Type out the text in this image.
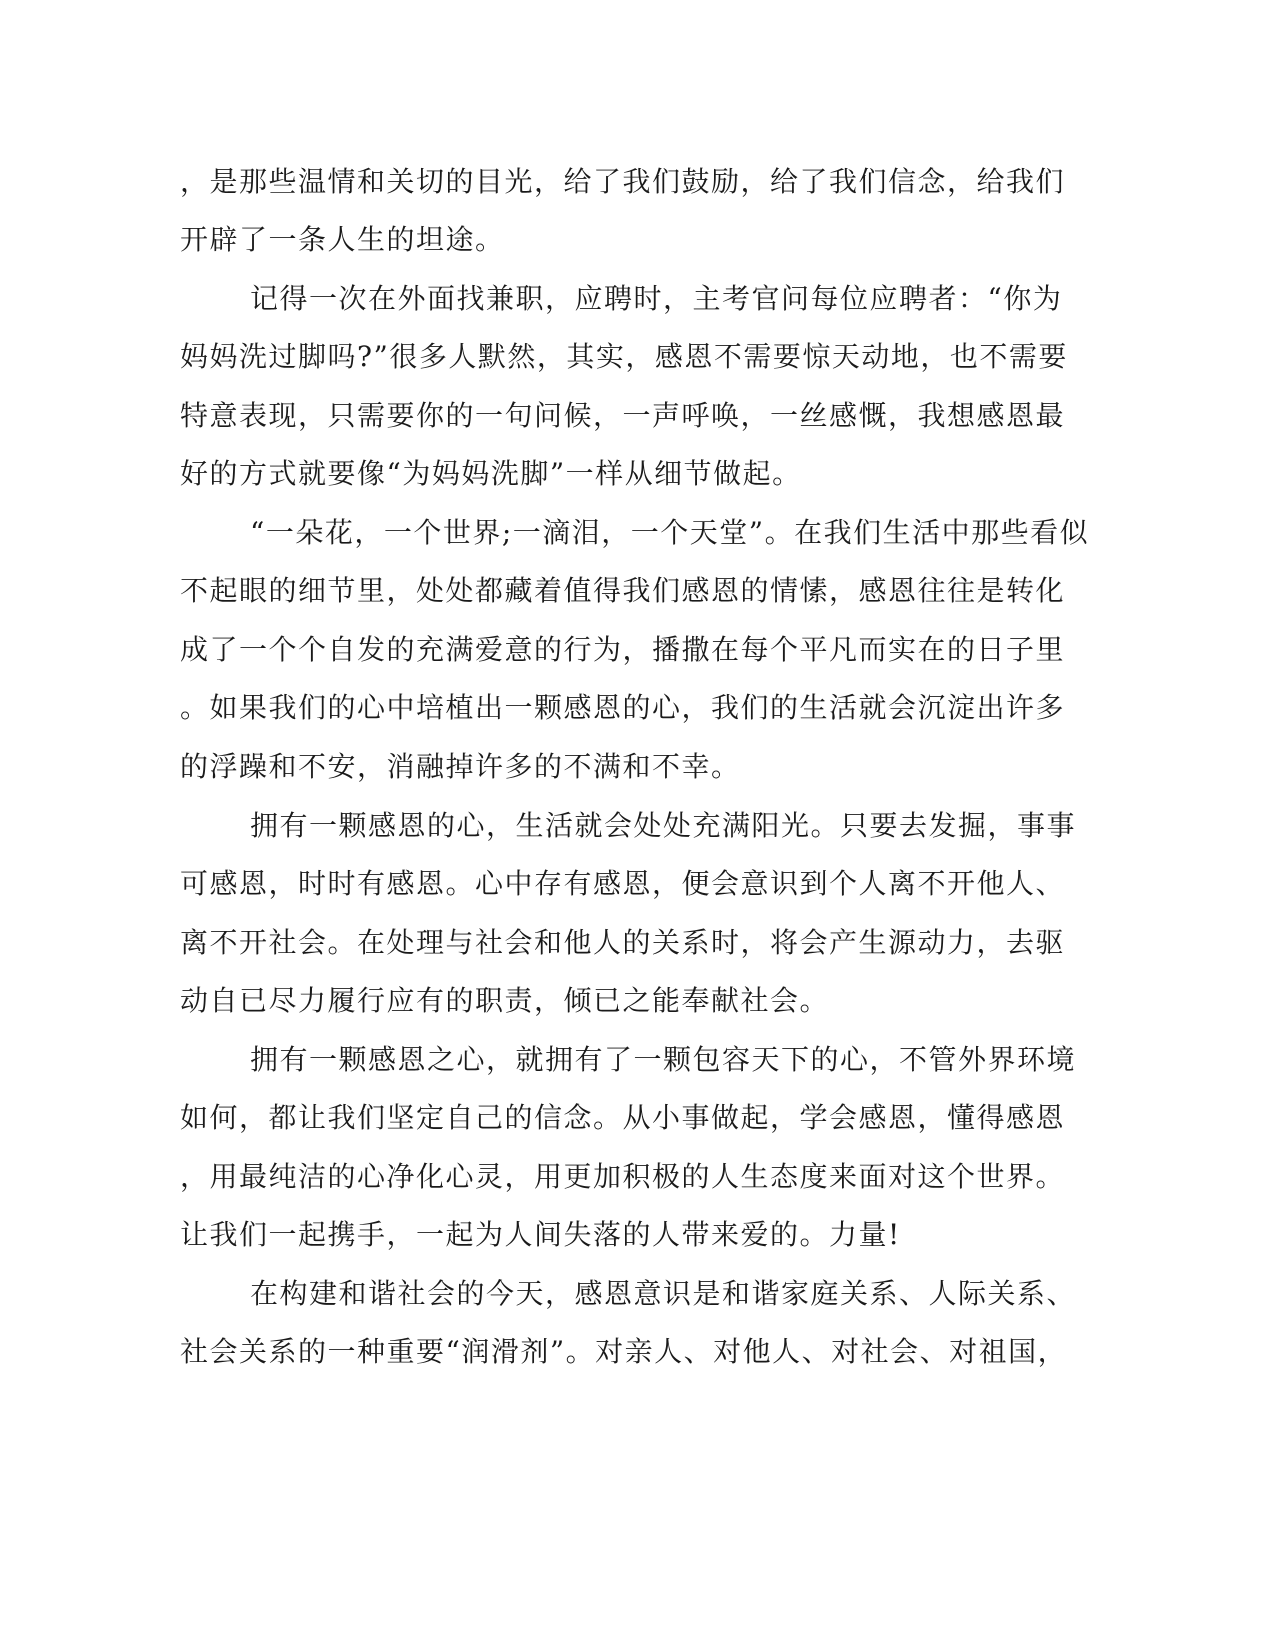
，是那些温情和关切的目光，给了我们鼓励，给了我们信念，给我们
开辟了一条人生的坦途。
记得一次在外面找兼职，应聘时，主考官问每位应聘者：“你为
妈妈洗过脚吗?”很多人默然，其实，感恩不需要惊天动地，也不需要
特意表现，只需要你的一句问候，一声呼唤，一丝感慨，我想感恩最
好的方式就要像“为妈妈洗脚”一样从细节做起。
“一朵花，一个世界;一滴泪，一个天堂”。在我们生活中那些看似
不起眼的细节里，处处都藏着值得我们感恩的情愫，感恩往往是转化
成了一个个自发的充满爱意的行为，播撒在每个平凡而实在的日子里
。如果我们的心中培植出一颗感恩的心，我们的生活就会沉淀出许多
的浮躁和不安，消融掉许多的不满和不幸。
拥有一颗感恩的心，生活就会处处充满阳光。只要去发掘，事事
可感恩，时时有感恩。心中存有感恩，便会意识到个人离不开他人、
离不开社会。在处理与社会和他人的关系时，将会产生源动力，去驱
动自已尽力履行应有的职责，倾已之能奉献社会。
拥有一颗感恩之心，就拥有了一颗包容天下的心，不管外界环境
如何，都让我们坚定自己的信念。从小事做起，学会感恩，懂得感恩
，用最纯洁的心净化心灵，用更加积极的人生态度来面对这个世界。
让我们一起携手，一起为人间失落的人带来爱的。力量!
在构建和谐社会的今天，感恩意识是和谐家庭关系、人际关系、
社会关系的一种重要“润滑剂”。对亲人、对他人、对社会、对祖国，
